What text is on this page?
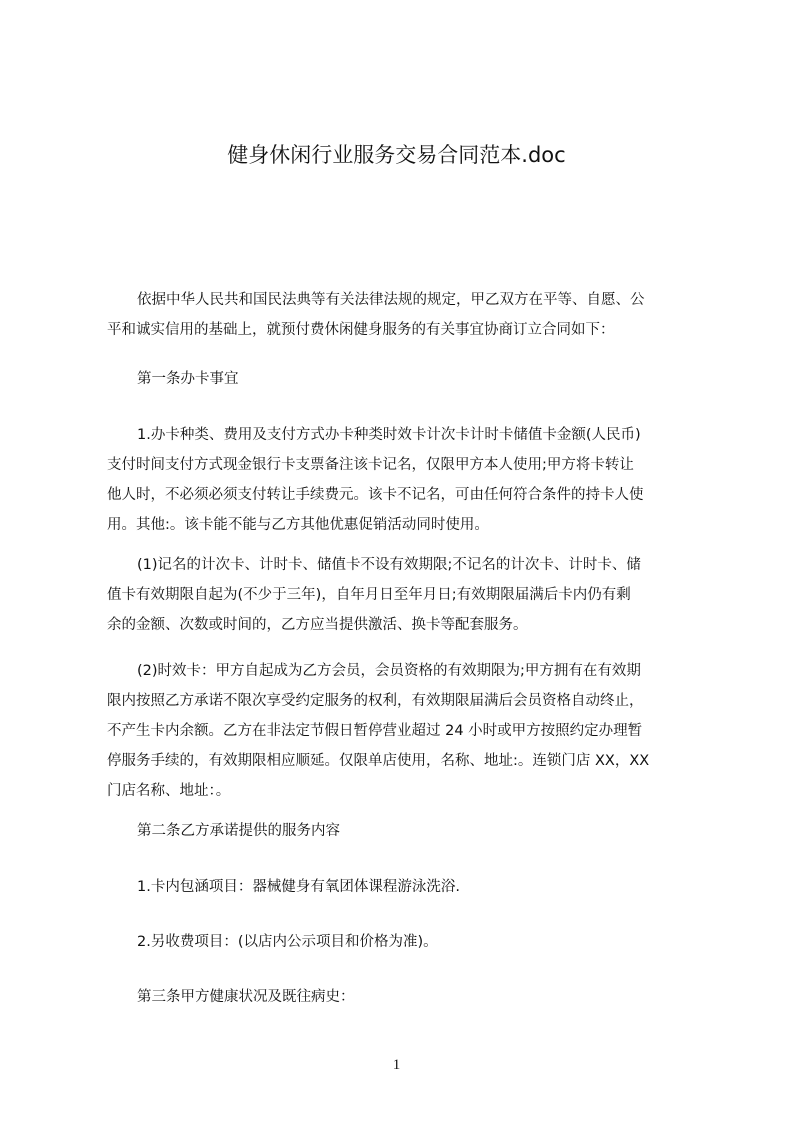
健身休闲行业服务交易合同范本.doc
依据中华人民共和国民法典等有关法律法规的规定，甲乙双方在平等、自愿、公
平和诚实信用的基础上，就预付费休闲健身服务的有关事宜协商订立合同如下：
第一条办卡事宜
1.办卡种类、费用及支付方式办卡种类时效卡计次卡计时卡储值卡金额(人民币)
支付时间支付方式现金银行卡支票备注该卡记名，仅限甲方本人使用;甲方将卡转让
他人时，不必须必须支付转让手续费元。该卡不记名，可由任何符合条件的持卡人使
用。其他:。该卡能不能与乙方其他优惠促销活动同时使用。
(1)记名的计次卡、计时卡、储值卡不设有效期限;不记名的计次卡、计时卡、储
值卡有效期限自起为(不少于三年)，自年月日至年月日;有效期限届满后卡内仍有剩
余的金额、次数或时间的，乙方应当提供激活、换卡等配套服务。
(2)时效卡：甲方自起成为乙方会员，会员资格的有效期限为;甲方拥有在有效期
限内按照乙方承诺不限次享受约定服务的权利，有效期限届满后会员资格自动终止，
不产生卡内余额。乙方在非法定节假日暂停营业超过 24 小时或甲方按照约定办理暂
停服务手续的，有效期限相应顺延。仅限单店使用，名称、地址:。连锁门店 XX，XX
门店名称、地址：。
第二条乙方承诺提供的服务内容
1.卡内包涵项目：器械健身有氧团体课程游泳洗浴.
2.另收费项目：(以店内公示项目和价格为准)。
第三条甲方健康状况及既往病史：
1
